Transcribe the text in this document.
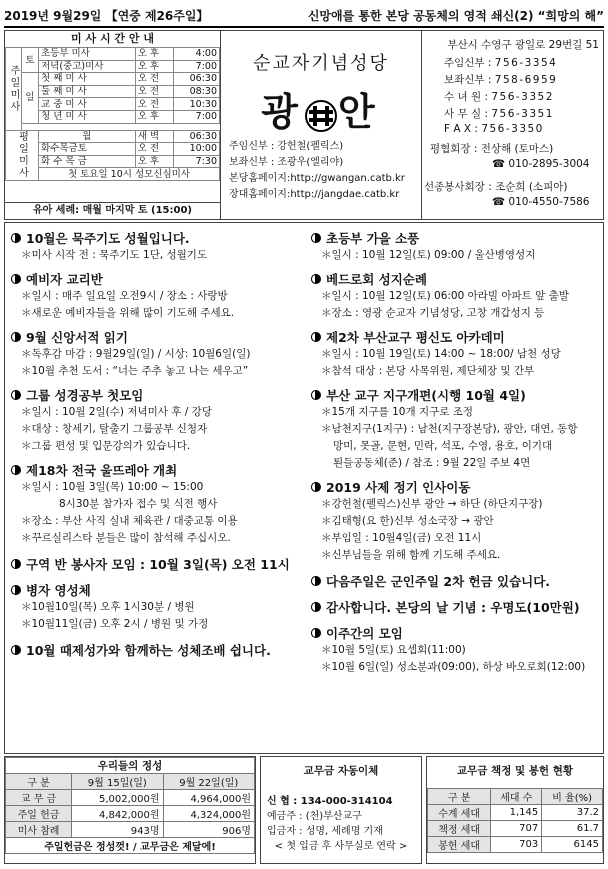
2019년 9월29일 【연중 제26주일】	신망애를 통한 본당 공동체의 영적 쇄신(2) “희망의 해”
미 사 시 간 안 내
주일미사	토	초등부 미사	오 후	4:00
		저녁(중고)미사	오 후	7:00
	일	첫 째 미 사	오 전	06:30
		둘 째 미 사	오 전	08:30
		교 중 미 사	오 전	10:30
		청 년 미 사	오 후	7:00

평일미사		월	새 벽	06:30
		화수목금토	오 전	10:00
		화 수 목 금	오 후	7:30
		첫 토요일 10시 성모신심미사		
유아 세례: 매월 마지막 토 (15:00)
순교자기념성당
광 안
주임신부 : 강헌철(펠릭스)
보좌신부 : 조광우(엘리야)
본당홈페이지:http://gwangan.catb.kr
장대홈페이지:http://jangdae.catb.kr
부산시 수영구 광일로 29번길 51
주임신부 : 756-3354
보좌신부 : 758-6959
수 녀 원 : 756-3352
사 무 실 : 756-3351
F A X : 756-3350
평협회장 : 전상해 (토마스)
☎ 010-2895-3004
선종봉사회장 : 조순희 (소피아)
☎ 010-4550-7586
10월은 묵주기도 성월입니다.
＊미사 시작 전 : 묵주기도 1단, 성월기도
예비자 교리반
＊일시 : 매주 일요일 오전9시 / 장소 : 사랑방
＊새로운 예비자들을 위해 많이 기도해 주세요.
9월 신앙서적 읽기
＊독후감 마감 : 9월29일(일) / 시상: 10월6일(일)
＊10월 추천 도서 : “너는 주추 놓고 나는 세우고”
그룹 성경공부 첫모임
＊일시 : 10월 2일(수) 저녁미사 후 / 강당
＊대상 : 창세기, 탈출기 그룹공부 신청자
＊그룹 편성 및 입문강의가 있습니다.
제18차 전국 울뜨레아 개최
＊일시 : 10월 3일(목) 10:00 ~ 15:00
8시30분 참가자 접수 및 식전 행사
＊장소 : 부산 사직 실내 체육관 / 대중교통 이용
＊꾸르실리스타 분들은 많이 참석해 주십시오.
구역 반 봉사자 모임 : 10월 3일(목) 오전 11시
병자 영성체
＊10월10일(목) 오후 1시30분 / 병원
＊10월11일(금) 오후 2시 / 병원 및 가정
10월 때제성가와 함께하는 성체조배 쉽니다.
초등부 가을 소풍
＊일시 : 10월 12일(토) 09:00 / 울산병영성지
베드로회 성지순례
＊일시 : 10월 12일(토) 06:00 아라빌 아파트 앞 출발
＊장소 : 영광 순교자 기념성당, 고창 개갑성지 등
제2차 부산교구 평신도 아카데미
＊일시 : 10월 19일(토) 14:00 ~ 18:00/ 남천 성당
＊참석 대상 : 본당 사목위원, 제단체장 및 간부
부산 교구 지구개편(시행 10월 4일)
＊15개 지구를 10개 지구로 조정
＊남천지구(1지구) : 남천(지구장본당), 광안, 대연, 동항
망미, 못골, 문현, 민락, 석포, 수영, 용호, 이기대
퇸들공동체(준) / 참조 : 9월 22일 주보 4면
2019 사제 정기 인사이동
＊강헌철(펠릭스)신부 광안 → 하단 (하단지구장)
＊김태형(요 한)신부 성소국장 → 광안
＊부임일 : 10월4일(금) 오전 11시
＊신부님들을 위해 함께 기도해 주세요.
다음주일은 군인주일 2차 헌금 있습니다.
감사합니다. 본당의 날 기념 : 우명도(10만원)
이주간의 모임
＊10월 5일(토) 요셉회(11:00)
＊10월 6일(일) 성소분과(09:00), 하상 바오로회(12:00)
우리들의 정성		
구 분	9월 15일(일)	9월 22일(일)
교 무 금	5,002,000원	4,964,000원
주일 헌금	4,842,000원	4,324,000원
미사 참례	943명	906명
주일헌금은 정성껏! / 교무금은 제달에!		
교무금 자동이체
신 협 : 134-000-314104
예금주 : (천)부산교구
입금자 : 성명, 세례명 기재
< 첫 입금 후 사무실로 연락 >
교무금 책정 및 봉헌 현황
구 분	세대 수	비 율(%)
수계 세대	1,145	37.2
책정 세대	707	61.7
봉헌 세대	703	6145
